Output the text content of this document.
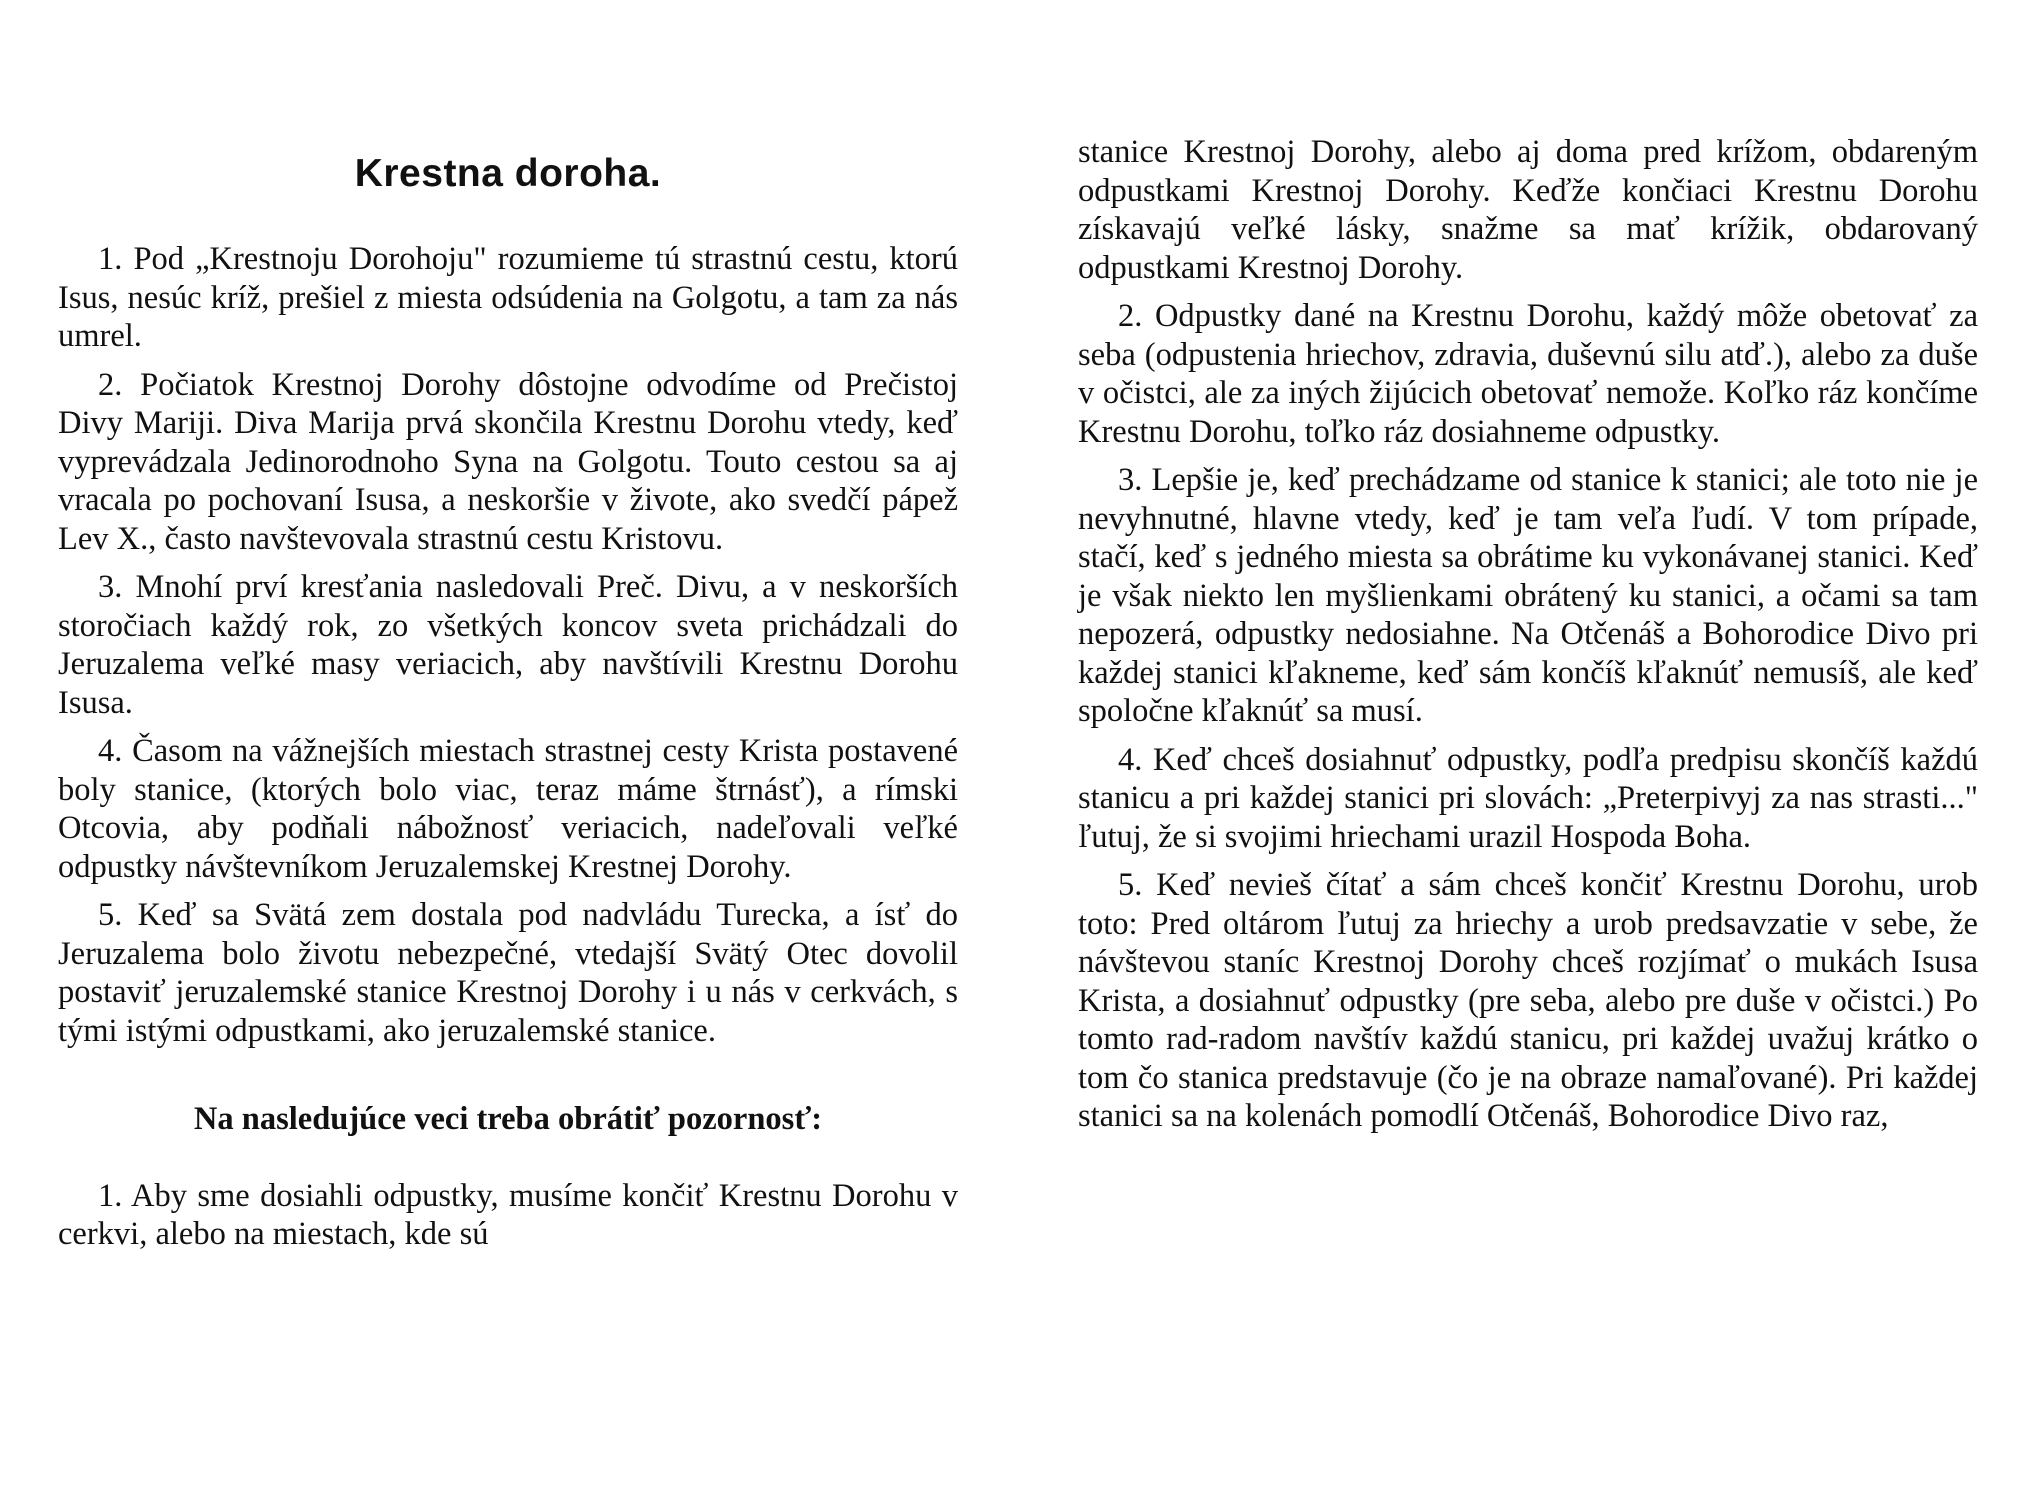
Krestna doroha.

1. Pod „Krestnoju Dorohoju" rozumieme tú strastnú cestu, ktorú Isus, nesúc kríž, prešiel z miesta odsúdenia na Golgotu, a tam za nás umrel.

2. Počiatok Krestnoj Dorohy dôstojne odvodíme od Prečistoj Divy Mariji. Diva Marija prvá skončila Krestnu Dorohu vtedy, keď vyprevádzala Jedinorodnoho Syna na Golgotu. Touto cestou sa aj vracala po pochovaní Isusa, a neskoršie v živote, ako svedčí pápež Lev X., často navštevovala strastnú cestu Kristovu.

3. Mnohí prví kresťania nasledovali Preč. Divu, a v neskorších storočiach každý rok, zo všetkých koncov sveta prichádzali do Jeruzalema veľké masy veriacich, aby navštívili Krestnu Dorohu Isusa.

4. Časom na vážnejších miestach strastnej cesty Krista postavené boly stanice, (ktorých bolo viac, teraz máme štrnásť), a rímski Otcovia, aby podňali nábožnosť veriacich, nadeľovali veľké odpustky návštevníkom Jeruzalemskej Krestnej Dorohy.

5. Keď sa Svätá zem dostala pod nadvládu Turecka, a ísť do Jeruzalema bolo životu nebezpečné, vtedajší Svätý Otec dovolil postaviť jeruzalemské stanice Krestnoj Dorohy i u nás v cerkvách, s tými istými odpustkami, ako jeruzalemské stanice.

Na nasledujúce veci treba obrátiť pozornosť:

1. Aby sme dosiahli odpustky, musíme končiť Krestnu Dorohu v cerkvi, alebo na miestach, kde sú

stanice Krestnoj Dorohy, alebo aj doma pred krížom, obdareným odpustkami Krestnoj Dorohy. Keďže končiaci Krestnu Dorohu získavajú veľké lásky, snažme sa mať krížik, obdarovaný odpustkami Krestnoj Dorohy.

2. Odpustky dané na Krestnu Dorohu, každý môže obetovať za seba (odpustenia hriechov, zdravia, duševnú silu atď.), alebo za duše v očistci, ale za iných žijúcich obetovať nemože. Koľko ráz končíme Krestnu Dorohu, toľko ráz dosiahneme odpustky.

3. Lepšie je, keď prechádzame od stanice k stanici; ale toto nie je nevyhnutné, hlavne vtedy, keď je tam veľa ľudí. V tom prípade, stačí, keď s jedného miesta sa obrátime ku vykonávanej stanici. Keď je však niekto len myšlienkami obrátený ku stanici, a očami sa tam nepozerá, odpustky nedosiahne. Na Otčenáš a Bohorodice Divo pri každej stanici kľakneme, keď sám končíš kľaknúť nemusíš, ale keď spoločne kľaknúť sa musí.

4. Keď chceš dosiahnuť odpustky, podľa predpisu skončíš každú stanicu a pri každej stanici pri slovách: „Preterpivyj za nas strasti..." ľutuj, že si svojimi hriechami urazil Hospoda Boha.

5. Keď nevieš čítať a sám chceš končiť Krestnu Dorohu, urob toto: Pred oltárom ľutuj za hriechy a urob predsavzatie v sebe, že návštevou staníc Krestnoj Dorohy chceš rozjímať o mukách Isusa Krista, a dosiahnuť odpustky (pre seba, alebo pre duše v očistci.) Po tomto rad-radom navštív každú stanicu, pri každej uvažuj krátko o tom čo stanica predstavuje (čo je na obraze namaľované). Pri každej stanici sa na kolenách pomodlí Otčenáš, Bohorodice Divo raz,
